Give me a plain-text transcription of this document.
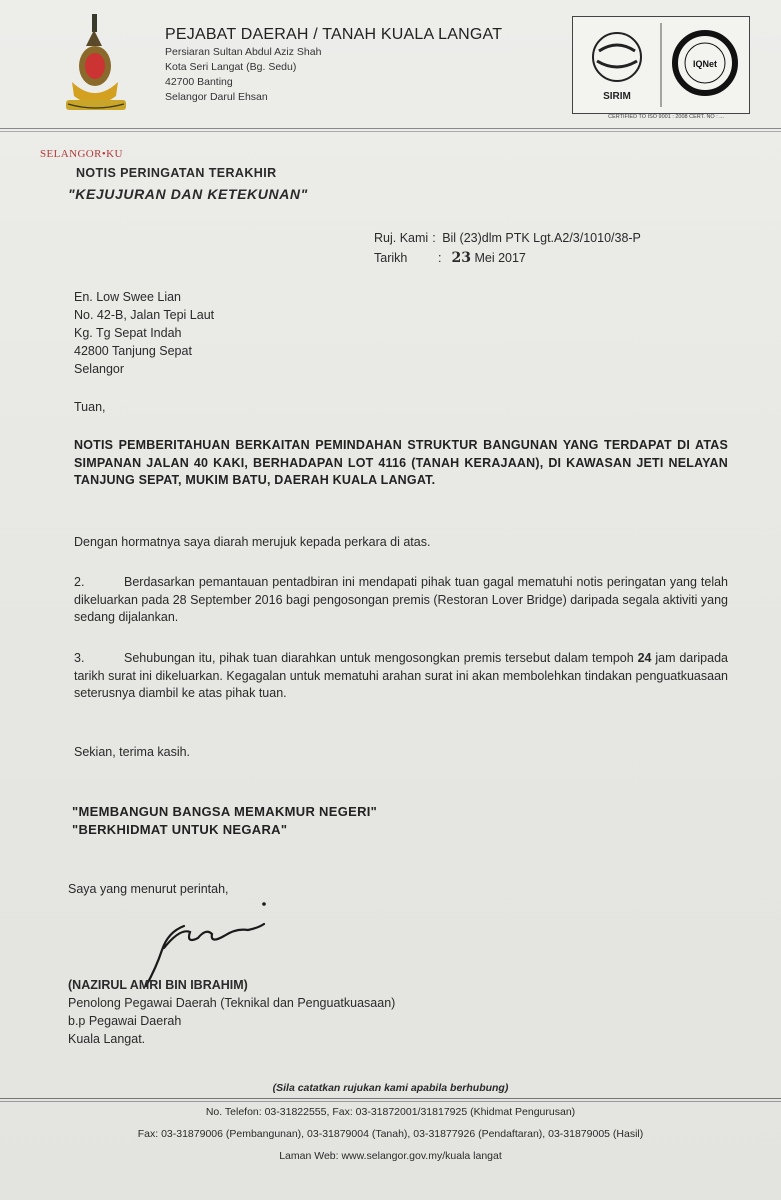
PEJABAT DAERAH / TANAH KUALA LANGAT
Persiaran Sultan Abdul Aziz Shah
Kota Seri Langat (Bg. Sedu)
42700 Banting
Selangor Darul Ehsan	SIRIM
IQNet
CERTIFIED TO ISO 9001 : 2008 CERT. NO : ...
SELANGOR•KU
NOTIS PERINGATAN TERAKHIR
"KEJUJURAN DAN KETEKUNAN"
Ruj. Kami : Bil (23)dlm PTK Lgt.A2/3/1010/38-P
Tarikh : 23 Mei 2017
En. Low Swee Lian
No. 42-B, Jalan Tepi Laut
Kg. Tg Sepat Indah
42800 Tanjung Sepat
Selangor
Tuan,
NOTIS PEMBERITAHUAN BERKAITAN PEMINDAHAN STRUKTUR BANGUNAN YANG TERDAPAT DI ATAS SIMPANAN JALAN 40 KAKI, BERHADAPAN LOT 4116 (TANAH KERAJAAN), DI KAWASAN JETI NELAYAN TANJUNG SEPAT, MUKIM BATU, DAERAH KUALA LANGAT.
Dengan hormatnya saya diarah merujuk kepada perkara di atas.
2.	Berdasarkan pemantauan pentadbiran ini mendapati pihak tuan gagal mematuhi notis peringatan yang telah dikeluarkan pada 28 September 2016 bagi pengosongan premis (Restoran Lover Bridge) daripada segala aktiviti yang sedang dijalankan.
3.	Sehubungan itu, pihak tuan diarahkan untuk mengosongkan premis tersebut dalam tempoh 24 jam daripada tarikh surat ini dikeluarkan. Kegagalan untuk mematuhi arahan surat ini akan membolehkan tindakan penguatkuasaan seterusnya diambil ke atas pihak tuan.
Sekian, terima kasih.
"MEMBANGUN BANGSA MEMAKMUR NEGERI"
"BERKHIDMAT UNTUK NEGARA"
Saya yang menurut perintah,
(NAZIRUL AMRI BIN IBRAHIM)
Penolong Pegawai Daerah (Teknikal dan Penguatkuasaan)
b.p Pegawai Daerah
Kuala Langat.
(Sila catatkan rujukan kami apabila berhubung)
No. Telefon: 03-31822555, Fax: 03-31872001/31817925 (Khidmat Pengurusan)
Fax: 03-31879006 (Pembangunan), 03-31879004 (Tanah), 03-31877926 (Pendaftaran), 03-31879005 (Hasil)
Laman Web: www.selangor.gov.my/kuala langat
